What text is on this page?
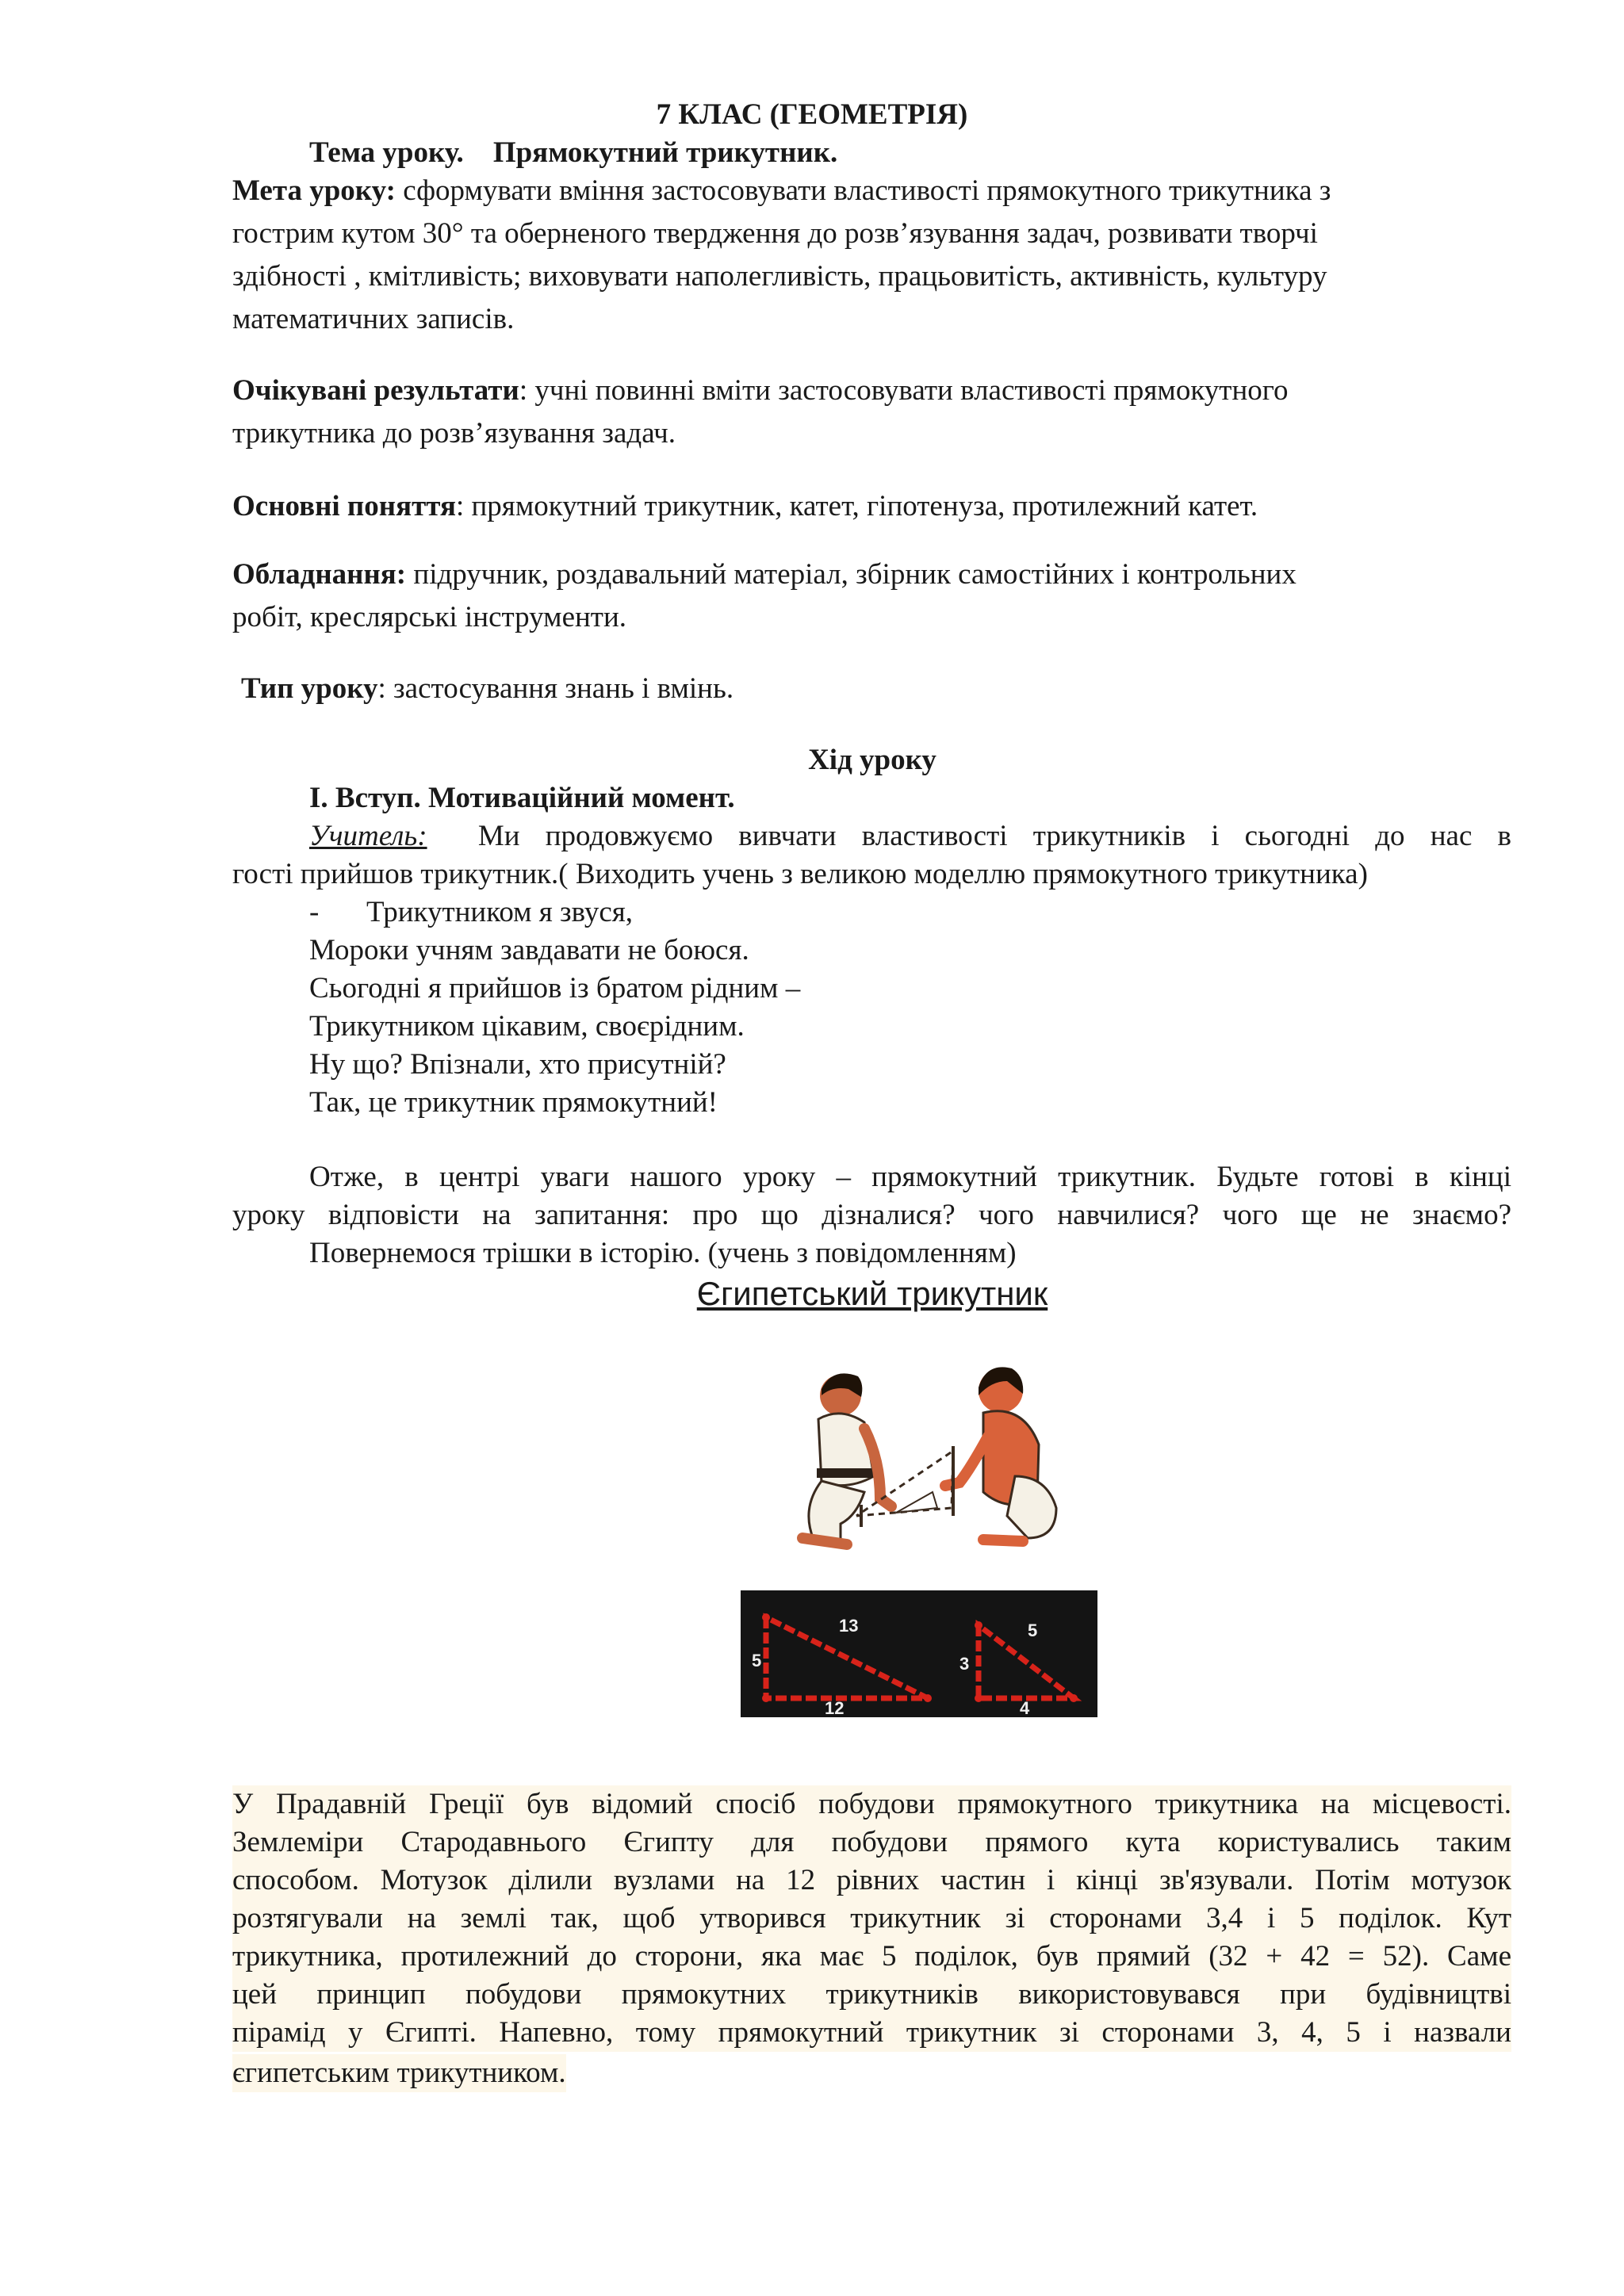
7 КЛАС (ГЕОМЕТРІЯ)
Тема уроку. Прямокутний трикутник.
Мета уроку: сформувати вміння застосовувати властивості прямокутного трикутника з
гострим кутом 30° та оберненого твердження до розв’язування задач, розвивати творчі
здібності , кмітливість; виховувати наполегливість, працьовитість, активність, культуру
математичних записів.
Очікувані результати: учні повинні вміти застосовувати властивості прямокутного
трикутника до розв’язування задач.
Основні поняття: прямокутний трикутник, катет, гіпотенуза, протилежний катет.
Обладнання: підручник, роздавальний матеріал, збірник самостійних і контрольних
робіт, креслярські інструменти.
Тип уроку: застосування знань і вмінь.
Хід уроку
І. Вступ. Мотиваційний момент.
Учитель: Ми продовжуємо вивчати властивості трикутників і сьогодні до нас в
гості прийшов трикутник.( Виходить учень з великою моделлю прямокутного трикутника)
- Трикутником я звуся,
Мороки учням завдавати не боюся.
Сьогодні я прийшов із братом рідним –
Трикутником цікавим, своєрідним.
Ну що? Впізнали, хто присутній?
Так, це трикутник прямокутний!
Отже, в центрі уваги нашого уроку – прямокутний трикутник. Будьте готові в кінці
уроку відповісти на запитання: про що дізналися? чого навчилися? чого ще не знаємо?
Повернемося трішки в історію. (учень з повідомленням)
Єгипетський трикутник
5
13
12
3
5
4
У Прадавній Греції був відомий спосіб побудови прямокутного трикутника на місцевості.
Землеміри Стародавнього Єгипту для побудови прямого кута користувались таким
способом. Мотузок ділили вузлами на 12 рівних частин і кінці зв'язували. Потім мотузок
розтягували на землі так, щоб утворився трикутник зі сторонами 3,4 і 5 поділок. Кут
трикутника, протилежний до сторони, яка має 5 поділок, був прямий (32 + 42 = 52). Саме
цей принцип побудови прямокутних трикутників використовувався при будівництві
пірамід у Єгипті. Напевно, тому прямокутний трикутник зі сторонами 3, 4, 5 і назвали
єгипетським трикутником.
